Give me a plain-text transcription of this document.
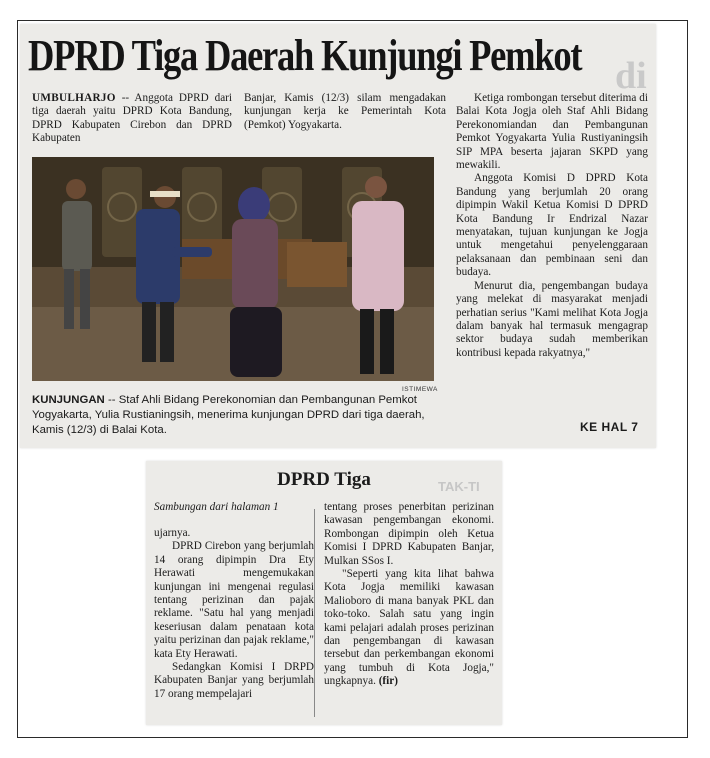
DPRD Tiga Daerah Kunjungi Pemkot di

UMBULHARJO -- Anggota DPRD dari tiga daerah yaitu DPRD Kota Bandung, DPRD Kabupaten Cirebon dan DPRD Kabupaten

Banjar, Kamis (12/3) silam mengadakan kunjungan kerja ke Pemerintah Kota (Pemkot) Yogyakarta.

Ketiga rombongan tersebut diterima di Balai Kota Jogja oleh Staf Ahli Bidang Perekonomiandan dan Pembangunan Pemkot Yogyakarta Yulia Rustiyaningsih SIP MPA beserta jajaran SKPD yang mewakili.

Anggota Komisi D DPRD Kota Bandung yang berjumlah 20 orang dipimpin Wakil Ketua Komisi D DPRD Kota Bandung Ir Endrizal Nazar menyatakan, tujuan kunjungan ke Jogja untuk mengetahui penyelenggaraan pelaksanaan dan pembinaan seni dan budaya.

Menurut dia, pengembangan budaya yang melekat di masyarakat menjadi perhatian serius "Kami melihat Kota Jogja dalam banyak hal termasuk mengagrap sektor budaya sudah memberikan kontribusi kepada rakyatnya,"

ISTIMEWA
KUNJUNGAN -- Staf Ahli Bidang Perekonomian dan Pembangunan Pemkot Yogyakarta, Yulia Rustianingsih, menerima kunjungan DPRD dari tiga daerah, Kamis (12/3) di Balai Kota.	KE HAL 7
DPRD Tiga	TAK-TI
Sambungan dari halaman 1

ujarnya.

DPRD Cirebon yang berjumlah 14 orang dipimpin Dra Ety Herawati mengemukakan kunjungan ini mengenai regulasi tentang perizinan dan pajak reklame. "Satu hal yang menjadi keseriusan dalam penataan kota yaitu perizinan dan pajak reklame," kata Ety Herawati.

Sedangkan Komisi I DRPD Kabupaten Banjar yang berjumlah 17 orang mempelajari

tentang proses penerbitan perizinan kawasan pengembangan ekonomi. Rombongan dipimpin oleh Ketua Komisi I DPRD Kabupaten Banjar, Mulkan SSos I.

"Seperti yang kita lihat bahwa Kota Jogja memiliki kawasan Malioboro di mana banyak PKL dan toko-toko. Salah satu yang ingin kami pelajari adalah proses perizinan dan pengembangan di kawasan tersebut dan perkembangan ekonomi yang tumbuh di Kota Jogja," ungkapnya. (fir)
